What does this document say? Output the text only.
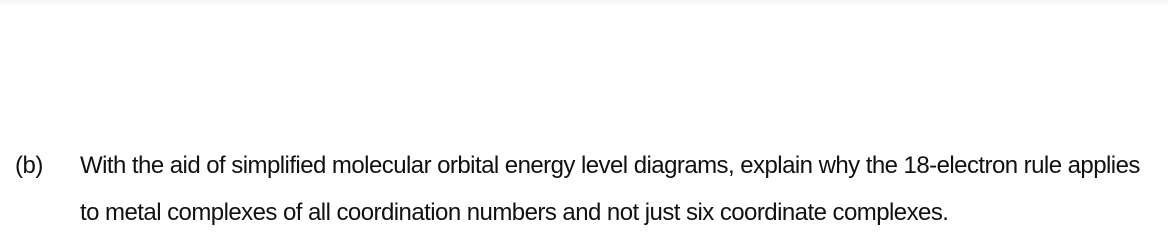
(b) With the aid of simplified molecular orbital energy level diagrams, explain why the 18-electron rule applies
to metal complexes of all coordination numbers and not just six coordinate complexes.
